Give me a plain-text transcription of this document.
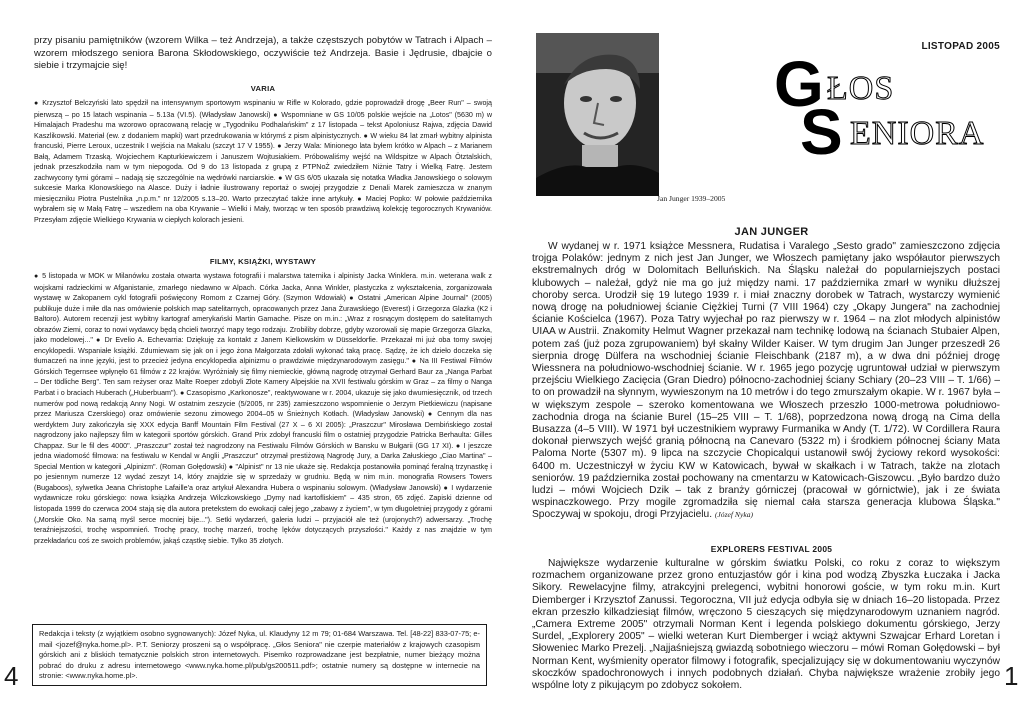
przy pisaniu pamiętników (wzorem Wilka – też Andrzeja), a także częstszych pobytów w Tatrach i Alpach – wzorem młodszego seniora Barona Skłodowskiego, oczywiście też Andrzeja. Basie i Jędrusie, dbajcie o siebie i trzymajcie się!
VARIA

● Krzysztof Belczyński lato spędził na intensywnym sportowym wspinaniu w Rifle w Kolorado, gdzie poprowadził drogę „Beer Run" – swoją pierwszą – po 15 latach wspinania – 5.13a (VI.5). (Władysław Janowski) ● Wspomniane w GS 10/05 polskie wejście na „Lotos" (5630 m) w Himalajach Pradeshu ma wzorowo opracowaną relację w „Tygodniku Podhalańskim" z 17 listopada – tekst Apoloniusz Rajwa, zdjęcia Dawid Kaszlikowski. Materiał (ew. z dodaniem mapki) wart przedrukowania w którymś z pism alpinistycznych. ● W wieku 84 lat zmarł wybitny alpinista francuski, Pierre Leroux, uczestnik I wejścia na Makalu (szczyt 17 V 1955). ● Jerzy Wala: Minionego lata byłem krótko w Alpach – z Marianem Bałą, Adamem Trzaską. Wojciechem Kapturkiewiczem i Januszem Wojtusiakiem. Próbowaliśmy wejść na Wildspitze w Alpach Ötztalskich, jednak przeszkodziła nam w tym niepogoda. Od 9 do 13 listopada z grupą z PTPNoŻ zwiedziłem Niżnie Tatry i Wielką Fatrę. Jestem zachwycony tymi górami – nadają się szczególnie na wędrówki narciarskie. ● W GS 6/05 ukazała się notatka Władka Janowskiego o solowym sukcesie Marka Klonowskiego na Alasce. Duży i ładnie ilustrowany reportaż o swojej przygodzie z Denali Marek zamieszcza w znanym miesięczniku Piotra Pustelnika „n.p.m." nr 12/2005 s.13–20. Warto przeczytać także inne artykuły. ● Maciej Popko: W połowie października wybrałem się w Małą Fatrę – wszedłem na oba Krywanie – Wielki i Mały, tworząc w ten sposób prawdziwą kolekcję tegorocznych Krywaniów. Przesyłam zdjęcie Wielkiego Krywania w ciepłych kolorach jesieni.

FILMY, KSIĄŻKI, WYSTAWY

● 5 listopada w MOK w Milanówku została otwarta wystawa fotografii i malarstwa taternika i alpinisty Jacka Winklera. m.in. weterana walk z wojskami radzieckimi w Afganistanie, zmarłego niedawno w Alpach. Córka Jacka, Anna Winkler, plastyczka z wykształcenia, zorganizowała wystawę w Zakopanem cykl fotografii poświęcony Romom z Czarnej Góry. (Szymon Wdowiak) ● Ostatni „American Alpine Journal" (2005) publikuje duże i miłe dla nas omówienie polskich map satelitarnych, opracowanych przez Jana Żurawskiego (Everest) i Grzegorza Glazka (K2 i Baltoro). Autorem recenzji jest wybitny kartograf amerykański Martin Gamache. Pisze on m.in.: „Wraz z rosnącym dostępem do satelitarnych obrazów Ziemi, coraz to nowi wydawcy będą chcieli tworzyć mapy tego rodzaju. Zrobiliby dobrze, gdyby wzorowali się mapie Grzegorza Glazka, jako modelowej..." ● Dr Evelio A. Echevarria: Dziękuję za kontakt z Janem Kielkowskim w Düsseldorfie. Przekazał mi już oba tomy swojej encyklopedii. Wspaniałe książki. Zdumiewam się jak on i jego żona Małgorzata zdołali wykonać taką pracę. Sądzę, że ich dzieło doczeka się tłumaczeń na inne języki, jest to przecież jedyna encyklopedia alpinizmu o prawdziwie międzynarodowym zasięgu." ● Na III Festiwal Filmów Górskich Tegernsee wpłynęło 61 filmów z 22 krajów. Wyróżniały się filmy niemieckie, główną nagrodę otrzymał Gerhard Baur za „Nanga Parbat – Der tödliche Berg". Ten sam reżyser oraz Malte Roeper zdobyli Złote Kamery Alpejskie na XVII festiwalu górskim w Graz – za filmy o Nanga Parbat i o braciach Huberach („Huberbuam"). ● Czasopismo „Karkonosze", reaktywowane w r. 2004, ukazuje się jako dwumiesięcznik, od trzech numerów pod nową redakcją Anny Nogi. W ostatnim zeszycie (5/2005, nr 235) zamieszczono wspomnienie o Jerzym Pietkiewiczu (napisane przez Mariusza Czerskiego) oraz omówienie sezonu zimowego 2004–05 w Śnieżnych Kotłach. (Władysław Janowski) ● Cennym dla nas werdyktem Jury zakończyła się XXX edycja Banff Mountain Film Festival (27 X – 6 XI 2005): „Praszczur" Mirosława Dembińskiego został nagrodzony jako najlepszy film w kategorii sportów górskich. Grand Prix zdobył francuski film o ostatniej przygodzie Patricka Berhaulta: Gilles Chappaz. Sur le fil des 4000". „Praszczur" został też nagrodzony na Festiwalu Filmów Górskich w Bansku w Bułgarii (GG 17 XI). ● I jeszcze jedna wiadomość filmowa: na festiwalu w Kendal w Anglii „Praszczur" otrzymał prestiżową Nagrodę Jury, a Darka Załuskiego „Ciao Martina" – Special Mention w kategorii „Alpinizm". (Roman Gołędowski) ● "Alpinist" nr 13 nie ukaże się. Redakcja postanowiła pominąć feralną trzynastkę i po jesiennym numerze 12 wydać zeszyt 14, który znajdzie się w sprzedaży w grudniu. Będą w nim m.in. monografia Rowsers Towers (Bugaboos), sylwetka Jeana Christophe Lafaille'a oraz artykuł Alexandra Hubera o wspinaniu solowym. (Władysław Janowski) ● I wydarzenie wydawnicze roku górskiego: nowa książka Andrzeja Wilczkowskiego „Dymy nad kartofliskiem" – 435 stron, 65 zdjęć. Zapiski dzienne od listopada 1999 do czerwca 2004 stają się dla autora pretekstem do ewokacji całej jego „zabawy z życiem", w tym długoletniej przygody z górami („Morskie Oko. Na samą myśl serce mocniej bije..."). Setki wydarzeń, galeria ludzi – przyjaciół ale też (urojonych?) adwersarzy. „Trochę teraźniejszości, trochę wspomnień. Trochę pracy, trochę marzeń, trochę lęków dotyczących przyszłości." Każdy z nas znajdzie w tym przekładańcu coś ze swoich problemów, jakąś cząstkę siebie. Tylko 35 złotych.

Redakcja i teksty (z wyjątkiem osobno sygnowanych): Józef Nyka, ul. Klaudyny 12 m 79; 01-684 Warszawa. Tel. [48-22] 833-07-75; e-mail <jozef@nyka.home.pl>. P.T. Seniorzy proszeni są o współpracę. „Głos Seniora" nie czerpie materiałów z krajowych czasopism górskich ani z bliskich tematycznie polskich stron internetowych. Pisemko rozprowadzane jest bezpłatnie, numer bieżący można pobrać do druku z adresu internetowego <www.nyka.home.pl/pub/gs200511.pdf>; ostatnie numery są dostępne w internecie na stronie: <www.nyka.home.pl>.
4
Jan Junger 1939–2005
LISTOPAD 2005
G ŁOS
S ENIORA
JAN JUNGER

W wydanej w r. 1971 książce Messnera, Rudatisa i Varalego „Sesto grado" zamieszczono zdjęcia trojga Polaków: jednym z nich jest Jan Junger, we Włoszech pamiętany jako współautor pierwszych ekstremalnych dróg w Dolomitach Belluńskich. Na Śląsku należał do popularniejszych postaci klubowych – należał, gdyż nie ma go już między nami. 17 października zmarł w wyniku dłuższej choroby serca. Urodził się 19 lutego 1939 r. i miał znaczny dorobek w Tatrach, wystarczy wymienić nową drogę na południowej ścianie Ciężkiej Turni (7 VIII 1964) czy „Okapy Jungera" na zachodniej ścianie Kościelca (1967). Poza Tatry wyjechał po raz pierwszy w r. 1964 – na zlot młodych alpinistów UIAA w Austrii. Znakomity Helmut Wagner przekazał nam technikę lodową na ścianach Stubaier Alpen, potem zaś (już poza zgrupowaniem) był skałny Wilder Kaiser. W tym drugim Jan Junger przeszedł 26 sierpnia drogę Dülfera na wschodniej ścianie Fleischbank (2187 m), a w dwa dni później drogę Wiessnera na południowo-wschodniej ścianie. W r. 1965 jego pozycję ugruntował udział w pierwszym przejściu Wielkiego Zacięcia (Gran Diedro) północno-zachodniej ściany Schiary (20–23 VIII – T. 1/66) – to on prowadził na słynnym, wywieszonym na 10 metrów i do tego zmurszałym okapie. W r. 1967 była – w większym zespole – szeroko komentowana we Włoszech przeszło 1000-metrowa południowo-zachodnia droga na ścianie Burel (15–25 VIII – T. 1/68), poprzedzona nową drogą na Cima della Busazza (4–5 VIII). W 1971 był uczestnikiem wyprawy Furmanika w Andy (T. 1/72). W Cordillera Raura dokonał pierwszych wejść granią północną na Canevaro (5322 m) i środkiem północnej ściany Mata Paloma Norte (5307 m). 9 lipca na szczycie Chopicalqui ustanowił swój życiowy rekord wysokości: 6400 m. Uczestniczył w życiu KW w Katowicach, bywał w skałkach i w Tatrach, także na zlotach seniorów. 19 października został pochowany na cmentarzu w Katowicach-Giszowcu. „Było bardzo dużo ludzi – mówi Wojciech Dzik – tak z branży górniczej (pracował w górnictwie), jak i ze świata wspinaczkowego. Przy mogile zgromadziła się niemal cała starsza generacja klubowa Śląska." Spoczywaj w spokoju, drogi Przyjacielu. (Józef Nyka)

EXPLORERS FESTIVAL 2005

Największe wydarzenie kulturalne w górskim światku Polski, co roku z coraz to większym rozmachem organizowane przez grono entuzjastów gór i kina pod wodzą Zbyszka Łuczaka i Jacka Sikory. Rewelacyjne filmy, atrakcyjni prelegenci, wybitni honorowi goście, w tym roku m.in. Kurt Diemberger i Krzysztof Zanussi. Tegoroczna, VII już edycja odbyła się w dniach 16–20 listopada. Przez ekran przeszło kilkadziesiąt filmów, wręczono 5 cieszących się międzynarodowym uznaniem nagród. „Camera Extreme 2005" otrzymali Norman Kent i legenda polskiego dokumentu górskiego, Jerzy Surdel, „Explorery 2005" – wielki weteran Kurt Diemberger i wciąż aktywni Szwajcar Erhard Loretan i Słoweniec Marko Prezelj. „Najjaśniejszą gwiazdą sobotniego wieczoru – mówi Roman Gołędowski – był Norman Kent, wyśmienity operator filmowy i fotografik, specjalizujący się w dokumentowaniu wyczynów skoczków spadochronowych i innych podobnych działań. Chyba największe wrażenie zrobiły jego wspólne loty z pikującym po zdobycz sokołem.	1
